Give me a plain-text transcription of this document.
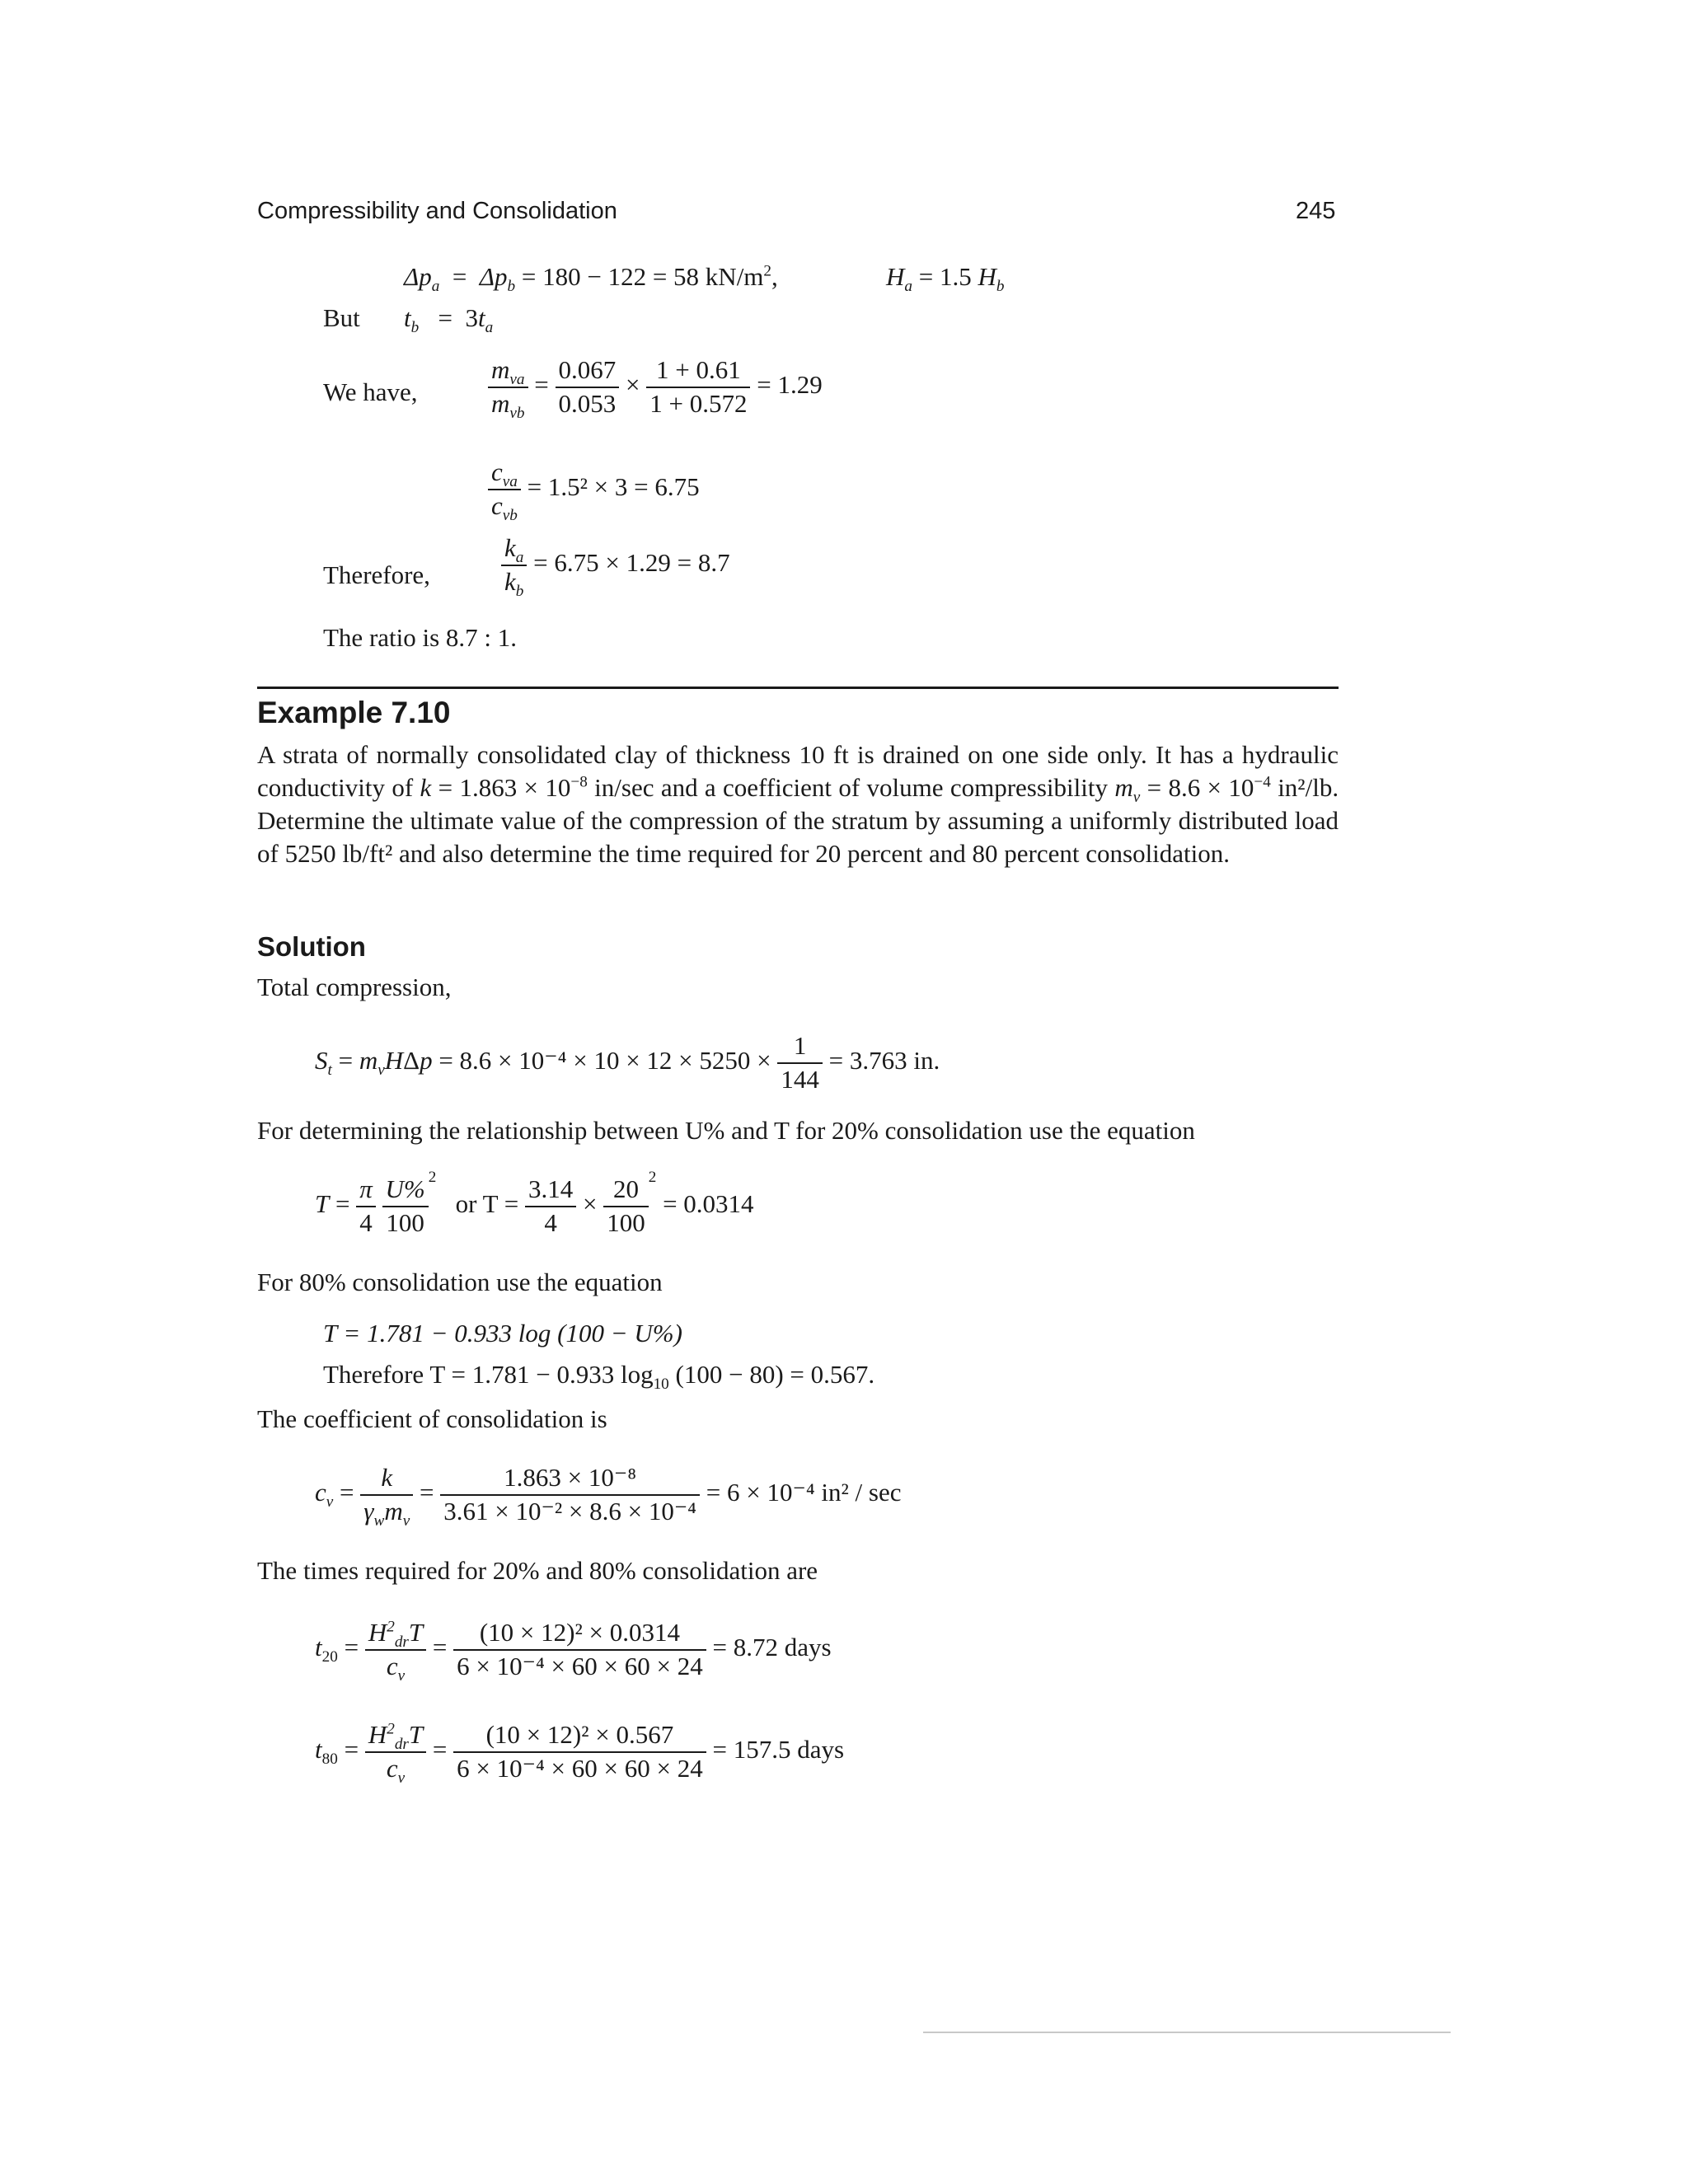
Compressibility and Consolidation	245
$\Delta p_a = \Delta p_b = 180 - 122 = 58$ $kN/m^2$,	$H_a = 1.5$ $H_b$
But $t_b = 3t_a$
We have,	$\frac{m_{va}}{m_{vb}} = \frac{0.067}{0.053} \times \frac{1 + 0.61}{1 + 0.572} = 1.29$
$\frac{c_{va}}{c_{vb}} = 1.5^2 \times 3 = 6.75$
Therefore,	$\frac{k_a}{k_b} = 6.75 \times 1.29 = 8.7$
The ratio is 8.7 : 1.
Example 7.10
A strata of normally consolidated clay of thickness 10 ft is drained on one side only. It has a hydraulic conductivity of $k = 1.863 \times 10^{-8}$ in/sec and a coefficient of volume compressibility $m_v = 8.6 \times 10^{-4}$ in²/lb. Determine the ultimate value of the compression of the stratum by assuming a uniformly distributed load of 5250 lb/ft² and also determine the time required for 20 percent and 80 percent consolidation.
Solution
Total compression,
$S_t = m_vH\Delta p = 8.6 \times 10^{-4} \times 10 \times 12 \times 5250 \times \frac{1}{144} = 3.763$ in.
For determining the relationship between U% and T for 20% consolidation use the equation
$T = \frac{\pi}{4}$
$\frac{U\%}{100} ^2$   or $T = \frac{3.14}{4} \times \frac{20}{100} ^2 = 0.0314$
For 80% consolidation use the equation
T = 1.781 − 0.933 log (100 − U%)
Therefore T = 1.781 − 0.933 $\log_{10} (100 - 80) = 0.567$.
The coefficient of consolidation is
$c_v = \frac{k}{\gamma_wm_v} = \frac{\text{1.863 × 10⁻⁸}}{\text{3.61 × 10⁻² × 8.6 × 10⁻⁴}} = 6 \times 10^{-4}$ in² / sec
The times required for 20% and 80% consolidation are
$t_{20} = \frac{H^2_{dr}T}{c_v} = \frac{\text{(10 × 12)² × 0.0314}}{\text{6 × 10⁻⁴ × 60 × 60 × 24}} = 8.72$ days
$t_{80} = \frac{H^2_{dr}T}{c_v} = \frac{\text{(10 × 12)² × 0.567}}{\text{6 × 10⁻⁴ × 60 × 60 × 24}} = 157.5$ days
